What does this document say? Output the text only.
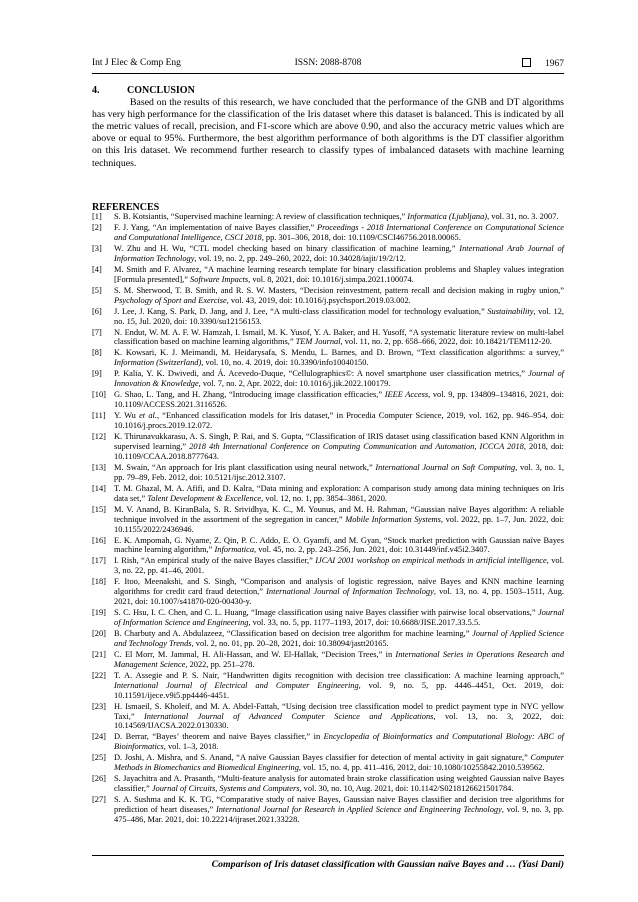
Int J Elec & Comp Eng	ISSN: 2088-8708	1967
4.	CONCLUSION

Based on the results of this research, we have concluded that the performance of the GNB and DT algorithms has very high performance for the classification of the Iris dataset where this dataset is balanced. This is indicated by all the metric values of recall, precision, and F1-score which are above 0.90, and also the accuracy metric values which are above or equal to 95%. Furthermore, the best algorithm performance of both algorithms is the DT classifier algorithm on this Iris dataset. We recommend further research to classify types of imbalanced datasets with machine learning techniques.

REFERENCES
[1] S. B. Kotsiantis, “Supervised machine learning: A review of classification techniques,” Informatica (Ljubljana), vol. 31, no. 3. 2007.
[2] F. J. Yang, “An implementation of naive Bayes classifier,” Proceedings - 2018 International Conference on Computational Science and Computational Intelligence, CSCI 2018, pp. 301–306, 2018, doi: 10.1109/CSCI46756.2018.00065.
[3] W. Zhu and H. Wu, “CTL model checking based on binary classification of machine learning,” International Arab Journal of Information Technology, vol. 19, no. 2, pp. 249–260, 2022, doi: 10.34028/iajit/19/2/12.
[4] M. Smith and F. Alvarez, “A machine learning research template for binary classification problems and Shapley values integration [Formula presented],” Software Impacts, vol. 8, 2021, doi: 10.1016/j.simpa.2021.100074.
[5] S. M. Sherwood, T. B. Smith, and R. S. W. Masters, “Decision reinvestment, pattern recall and decision making in rugby union,” Psychology of Sport and Exercise, vol. 43, 2019, doi: 10.1016/j.psychsport.2019.03.002.
[6] J. Lee, J. Kang, S. Park, D. Jang, and J. Lee, “A multi-class classification model for technology evaluation,” Sustainability, vol. 12, no. 15, Jul. 2020, doi: 10.3390/su12156153.
[7] N. Endut, W. M. A. F. W. Hamzah, I. Ismail, M. K. Yusof, Y. A. Baker, and H. Yusoff, “A systematic literature review on multi-label classification based on machine learning algorithms,” TEM Journal, vol. 11, no. 2, pp. 658–666, 2022, doi: 10.18421/TEM112-20.
[8] K. Kowsari, K. J. Meimandi, M. Heidarysafa, S. Mendu, L. Barnes, and D. Brown, “Text classification algorithms: a survey,” Information (Switzerland), vol. 10, no. 4. 2019, doi: 10.3390/info10040150.
[9] P. Kalia, Y. K. Dwivedi, and Á. Acevedo-Duque, “Cellulographics©: A novel smartphone user classification metrics,” Journal of Innovation & Knowledge, vol. 7, no. 2, Apr. 2022, doi: 10.1016/j.jik.2022.100179.
[10] G. Shao, L. Tang, and H. Zhang, “Introducing image classification efficacies,” IEEE Access, vol. 9, pp. 134809–134816, 2021, doi: 10.1109/ACCESS.2021.3116526.
[11] Y. Wu et al., “Enhanced classification models for Iris dataset,” in Procedia Computer Science, 2019, vol. 162, pp. 946–954, doi: 10.1016/j.procs.2019.12.072.
[12] K. Thirunavukkarasu, A. S. Singh, P. Rai, and S. Gupta, “Classification of IRIS dataset using classification based KNN Algorithm in supervised learning,” 2018 4th International Conference on Computing Communication and Automation, ICCCA 2018, 2018, doi: 10.1109/CCAA.2018.8777643.
[13] M. Swain, “An approach for Iris plant classification using neural network,” International Journal on Soft Computing, vol. 3, no. 1, pp. 79–89, Feb. 2012, doi: 10.5121/ijsc.2012.3107.
[14] T. M. Ghazal, M. A. Afifi, and D. Kalra, “Data mining and exploration: A comparison study among data mining techniques on Iris data set,” Talent Development & Excellence, vol. 12, no. 1, pp. 3854–3861, 2020.
[15] M. V. Anand, B. KiranBala, S. R. Srividhya, K. C., M. Younus, and M. H. Rahman, “Gaussian naïve Bayes algorithm: A reliable technique involved in the assortment of the segregation in cancer,” Mobile Information Systems, vol. 2022, pp. 1–7, Jun. 2022, doi: 10.1155/2022/2436946.
[16] E. K. Ampomah, G. Nyame, Z. Qin, P. C. Addo, E. O. Gyamfi, and M. Gyan, “Stock market prediction with Gaussian naïve Bayes machine learning algorithm,” Informatica, vol. 45, no. 2, pp. 243–256, Jun. 2021, doi: 10.31449/inf.v45i2.3407.
[17] I. Rish, “An empirical study of the naive Bayes classifier,” IJCAI 2001 workshop on empirical methods in artificial intelligence, vol. 3, no. 22, pp. 41–46, 2001.
[18] F. Itoo, Meenakshi, and S. Singh, “Comparison and analysis of logistic regression, naïve Bayes and KNN machine learning algorithms for credit card fraud detection,” International Journal of Information Technology, vol. 13, no. 4, pp. 1503–1511, Aug. 2021, doi: 10.1007/s41870-020-00430-y.
[19] S. C. Hsu, I. C. Chen, and C. L. Huang, “Image classification using naive Bayes classifier with pairwise local observations,” Journal of Information Science and Engineering, vol. 33, no. 5, pp. 1177–1193, 2017, doi: 10.6688/JISE.2017.33.5.5.
[20] B. Charbuty and A. Abdulazeez, “Classification based on decision tree algorithm for machine learning,” Journal of Applied Science and Technology Trends, vol. 2, no. 01, pp. 20–28, 2021, doi: 10.38094/jastt20165.
[21] C. El Morr, M. Jammal, H. Ali-Hassan, and W. El-Hallak, “Decision Trees,” in International Series in Operations Research and Management Science, 2022, pp. 251–278.
[22] T. A. Assegie and P. S. Nair, “Handwritten digits recognition with decision tree classification: A machine learning approach,” International Journal of Electrical and Computer Engineering, vol. 9, no. 5, pp. 4446–4451, Oct. 2019, doi: 10.11591/ijece.v9i5.pp4446-4451.
[23] H. Ismaeil, S. Kholeif, and M. A. Abdel-Fattah, “Using decision tree classification model to predict payment type in NYC yellow Taxi,” International Journal of Advanced Computer Science and Applications, vol. 13, no. 3, 2022, doi: 10.14569/IJACSA.2022.0130330.
[24] D. Berrar, “Bayes’ theorem and naive Bayes classifier,” in Encyclopedia of Bioinformatics and Computational Biology: ABC of Bioinformatics, vol. 1–3, 2018.
[25] D. Joshi, A. Mishra, and S. Anand, “A naïve Gaussian Bayes classifier for detection of mental activity in gait signature,” Computer Methods in Biomechanics and Biomedical Engineering, vol. 15, no. 4, pp. 411–416, 2012, doi: 10.1080/10255842.2010.539562.
[26] S. Jayachitra and A. Prasanth, “Multi-feature analysis for automated brain stroke classification using weighted Gaussian naïve Bayes classifier,” Journal of Circuits, Systems and Computers, vol. 30, no. 10, Aug. 2021, doi: 10.1142/S0218126621501784.
[27] S. A. Sushma and K. K. TG, “Comparative study of naive Bayes, Gaussian naive Bayes classifier and decision tree algorithms for prediction of heart diseases,” International Journal for Research in Applied Science and Engineering Technology, vol. 9, no. 3, pp. 475–486, Mar. 2021, doi: 10.22214/ijraset.2021.33228.
Comparison of Iris dataset classification with Gaussian naïve Bayes and … (Yasi Dani)
